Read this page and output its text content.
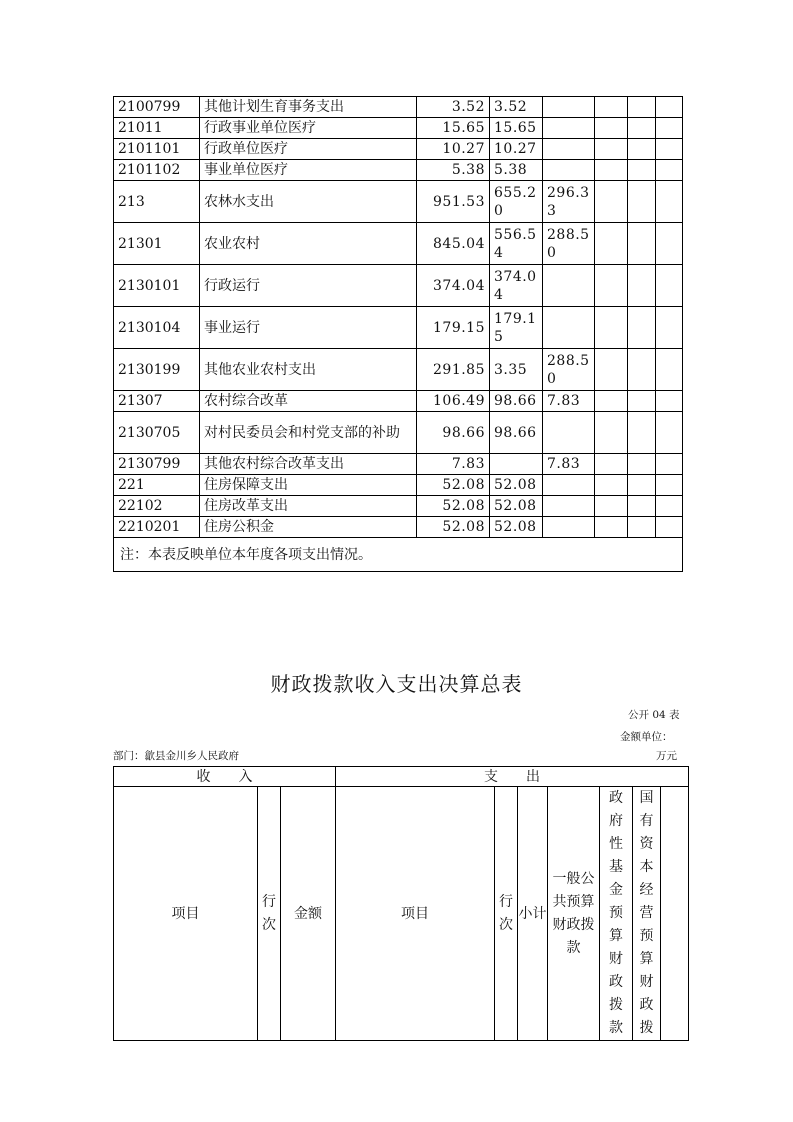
2100799	其他计划生育事务支出	3.52	3.52				
21011	行政事业单位医疗	15.65	15.65				
2101101	行政单位医疗	10.27	10.27				
2101102	事业单位医疗	5.38	5.38				
213	农林水支出	951.53	655.20	296.33			
21301	农业农村	845.04	556.54	288.50			
2130101	行政运行	374.04	374.04				
2130104	事业运行	179.15	179.15				
2130199	其他农业农村支出	291.85	3.35	288.50			
21307	农村综合改革	106.49	98.66	7.83			
2130705	对村民委员会和村党支部的补助	98.66	98.66				
2130799	其他农村综合改革支出	7.83		7.83			
221	住房保障支出	52.08	52.08				
22102	住房改革支出	52.08	52.08				
2210201	住房公积金	52.08	52.08				
注：本表反映单位本年度各项支出情况。							
财政拨款收入支出决算总表
公开 04 表
金额单位：
部门：歙县金川乡人民政府	万元
收　　入			支　　出						
项目	行次	金额	项目	行次	小计	一般公共预算财政拨款	政府性基金预算财政拨款	国有资本经营预算财政拨	
